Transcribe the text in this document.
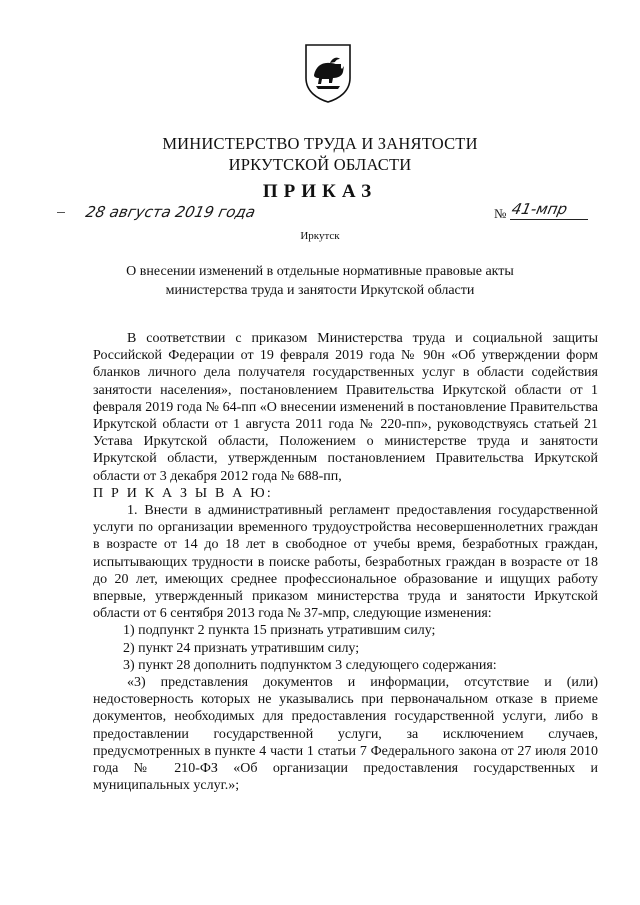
МИНИСТЕРСТВО ТРУДА И ЗАНЯТОСТИ
ИРКУТСКОЙ ОБЛАСТИ
ПРИКАЗ
28 августа 2019 года	№ 41-мпр
Иркутск
О внесении изменений в отдельные нормативные правовые акты
министерства труда и занятости Иркутской области

В соответствии с приказом Министерства труда и социальной защиты Российской Федерации от 19 февраля 2019 года № 90н «Об утверждении форм бланков личного дела получателя государственных услуг в области содействия занятости населения», постановлением Правительства Иркутской области от 1 февраля 2019 года № 64-пп «О внесении изменений в постановление Правительства Иркутской области от 1 августа 2011 года № 220-пп», руководствуясь статьей 21 Устава Иркутской области, Положением о министерстве труда и занятости Иркутской области, утвержденным постановлением Правительства Иркутской области от 3 декабря 2012 года № 688-пп,

П Р И К А З Ы В А Ю:

1. Внести в административный регламент предоставления государственной услуги по организации временного трудоустройства несовершеннолетних граждан в возрасте от 14 до 18 лет в свободное от учебы время, безработных граждан, испытывающих трудности в поиске работы, безработных граждан в возрасте от 18 до 20 лет, имеющих среднее профессиональное образование и ищущих работу впервые, утвержденный приказом министерства труда и занятости Иркутской области от 6 сентября 2013 года № 37-мпр, следующие изменения:

1) подпункт 2 пункта 15 признать утратившим силу;

2) пункт 24 признать утратившим силу;

3) пункт 28 дополнить подпунктом 3 следующего содержания:

«3) представления документов и информации, отсутствие и (или) недостоверность которых не указывались при первоначальном отказе в приеме документов, необходимых для предоставления государственной услуги, либо в предоставлении государственной услуги, за исключением случаев, предусмотренных в пункте 4 части 1 статьи 7 Федерального закона от 27 июля 2010 года № 210-ФЗ «Об организации предоставления государственных и муниципальных услуг.»;
